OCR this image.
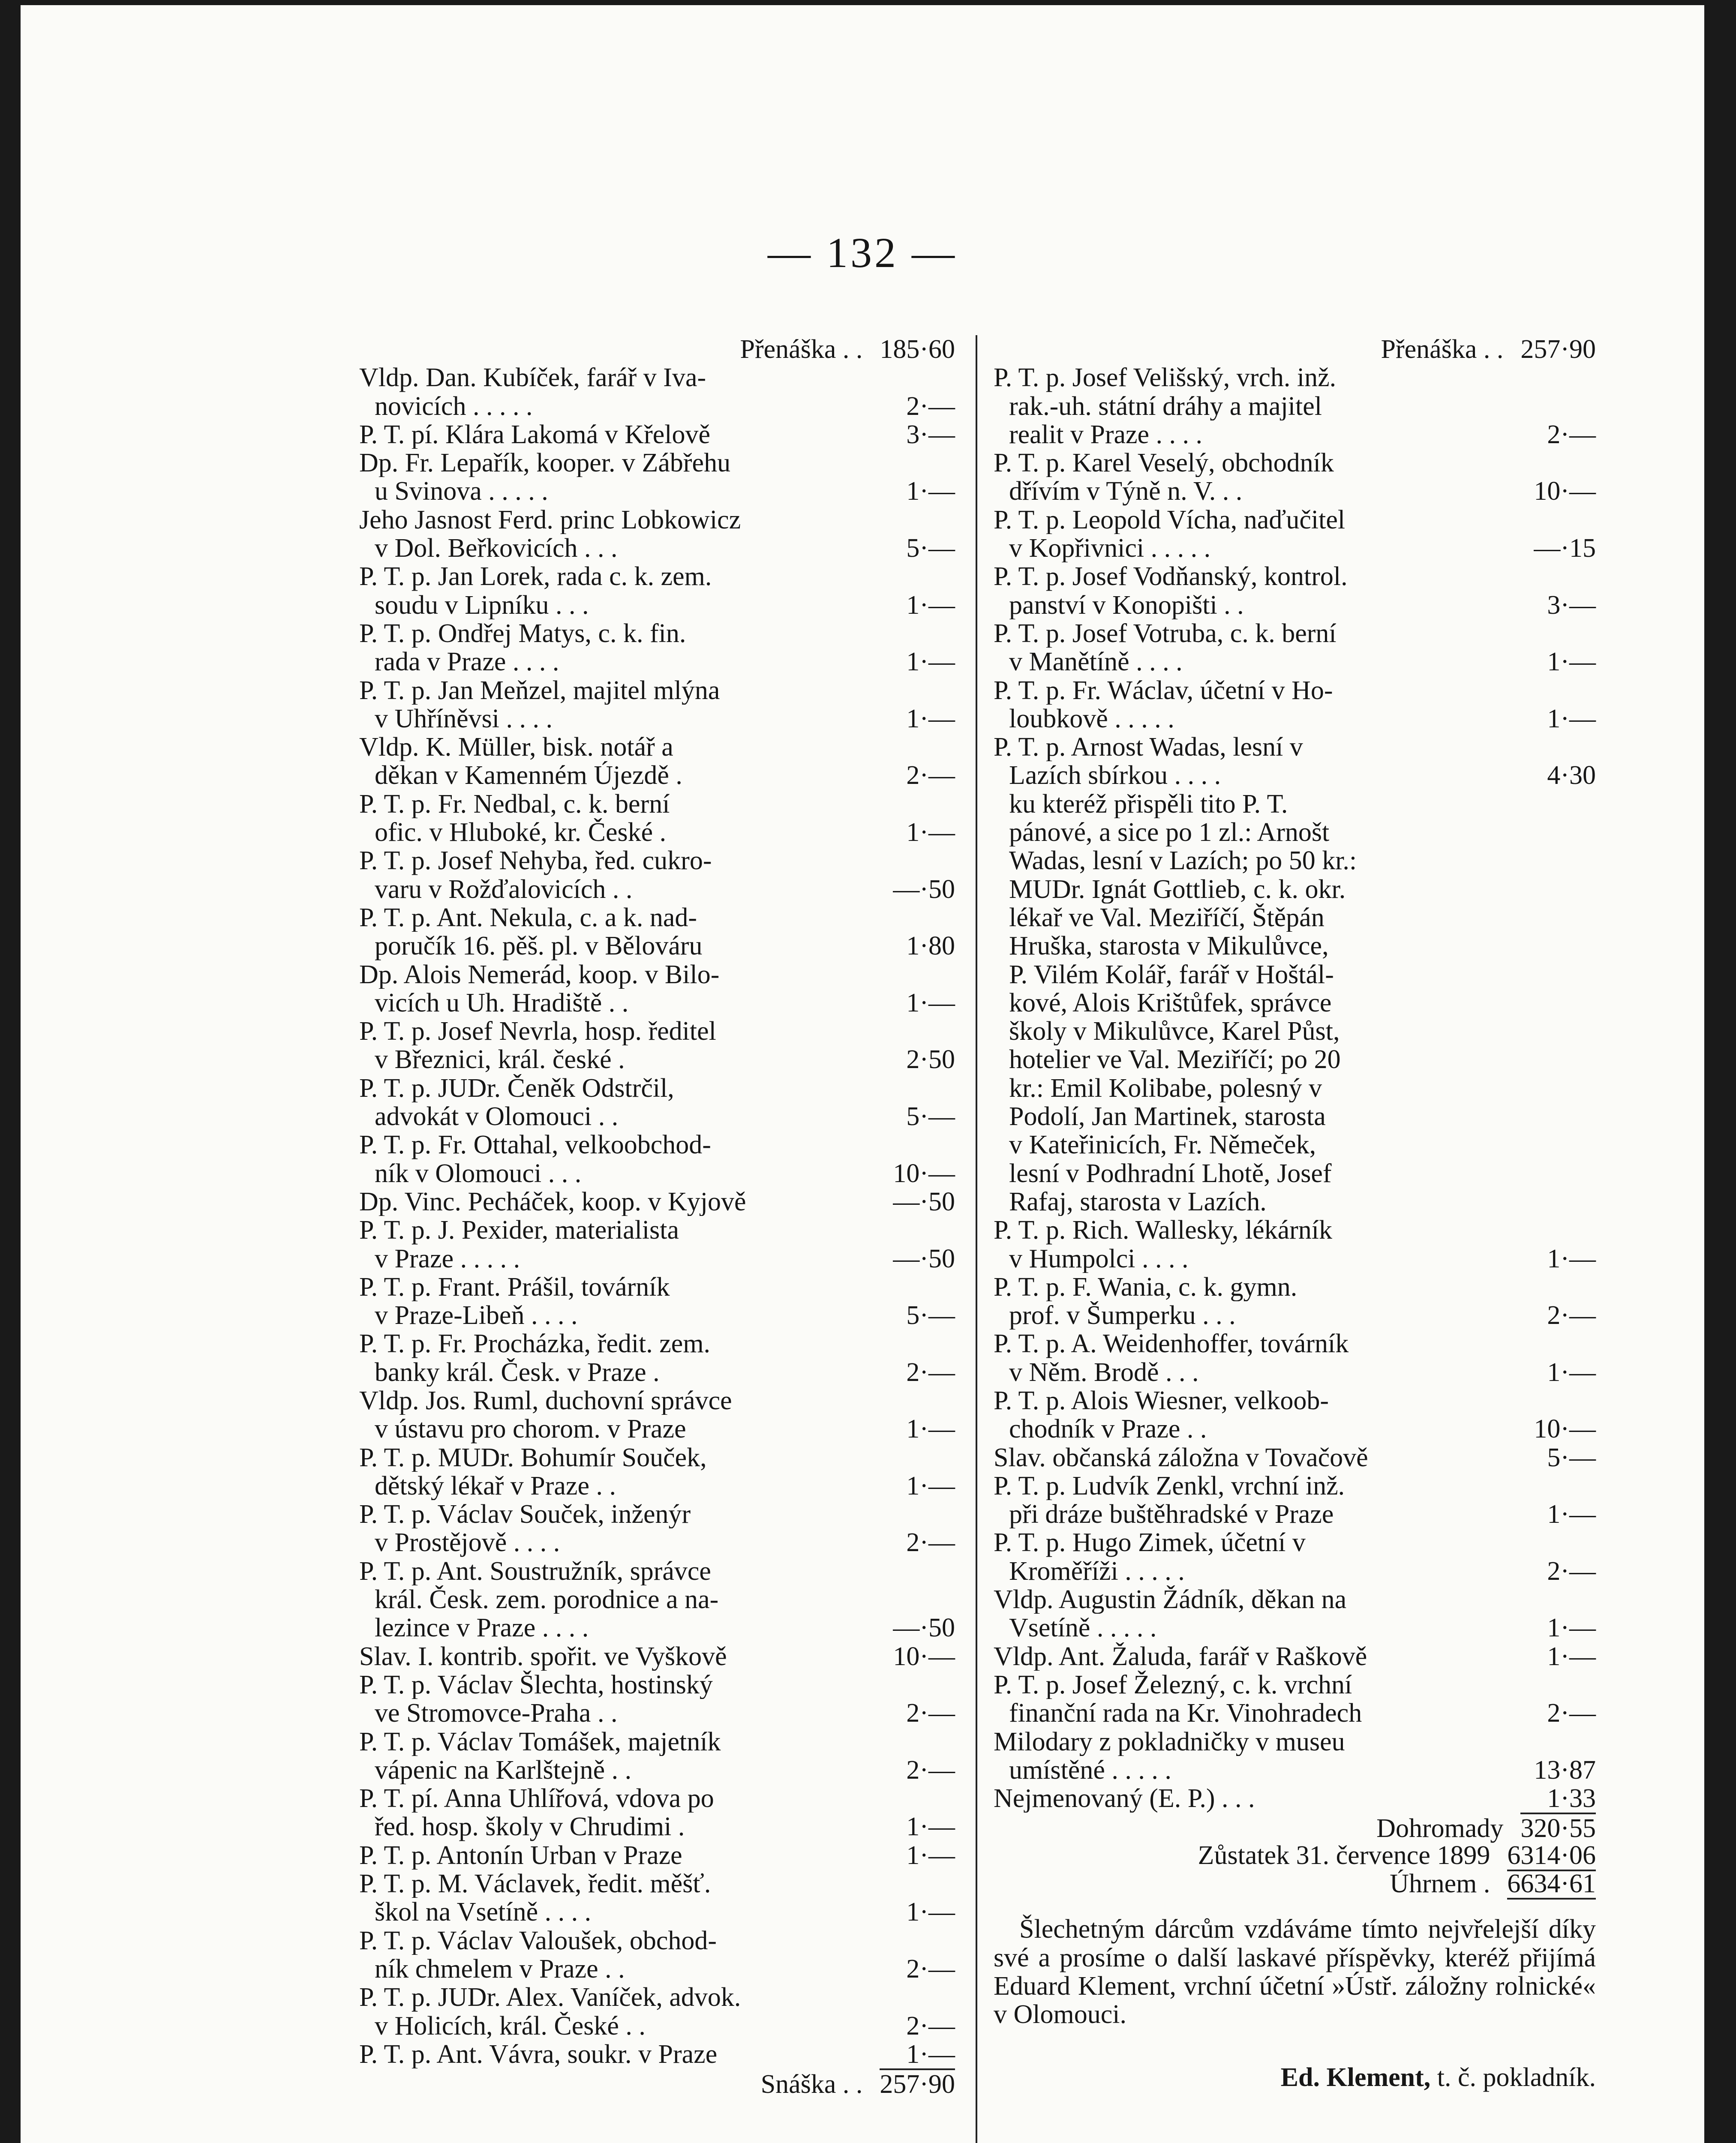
— 132 —
Přenáška . . 185·60
Vldp. Dan. Kubíček, farář v Iva-
novicích . . . . .	2·—
P. T. pí. Klára Lakomá v Křelově	3·—
Dp. Fr. Lepařík, kooper. v Zábřehu
u Svinova . . . . .	1·—
Jeho Jasnost Ferd. princ Lobkowicz
v Dol. Beřkovicích . . .	5·—
P. T. p. Jan Lorek, rada c. k. zem.
soudu v Lipníku . . .	1·—
P. T. p. Ondřej Matys, c. k. fin.
rada v Praze . . . .	1·—
P. T. p. Jan Meňzel, majitel mlýna
v Uhříněvsi . . . .	1·—
Vldp. K. Müller, bisk. notář a
děkan v Kamenném Újezdě .	2·—
P. T. p. Fr. Nedbal, c. k. berní
ofic. v Hluboké, kr. České .	1·—
P. T. p. Josef Nehyba, řed. cukro-
varu v Rožďalovicích . .	—·50
P. T. p. Ant. Nekula, c. a k. nad-
poručík 16. pěš. pl. v Bělováru	1·80
Dp. Alois Nemerád, koop. v Bilo-
vicích u Uh. Hradiště . .	1·—
P. T. p. Josef Nevrla, hosp. ředitel
v Březnici, král. české .	2·50
P. T. p. JUDr. Čeněk Odstrčil,
advokát v Olomouci . .	5·—
P. T. p. Fr. Ottahal, velkoobchod-
ník v Olomouci . . .	10·—
Dp. Vinc. Pecháček, koop. v Kyjově	—·50
P. T. p. J. Pexider, materialista
v Praze . . . . .	—·50
P. T. p. Frant. Prášil, továrník
v Praze-Libeň . . . .	5·—
P. T. p. Fr. Procházka, ředit. zem.
banky král. Česk. v Praze .	2·—
Vldp. Jos. Ruml, duchovní správce
v ústavu pro chorom. v Praze	1·—
P. T. p. MUDr. Bohumír Souček,
dětský lékař v Praze . .	1·—
P. T. p. Václav Souček, inženýr
v Prostějově . . . .	2·—
P. T. p. Ant. Soustružník, správce
král. Česk. zem. porodnice a na-
lezince v Praze . . . .	—·50
Slav. I. kontrib. spořit. ve Vyškově	10·—
P. T. p. Václav Šlechta, hostinský
ve Stromovce-Praha . .	2·—
P. T. p. Václav Tomášek, majetník
vápenic na Karlštejně . .	2·—
P. T. pí. Anna Uhlířová, vdova po
řed. hosp. školy v Chrudimi .	1·—
P. T. p. Antonín Urban v Praze	1·—
P. T. p. M. Václavek, ředit. měšť.
škol na Vsetíně . . . .	1·—
P. T. p. Václav Valoušek, obchod-
ník chmelem v Praze . .	2·—
P. T. p. JUDr. Alex. Vaníček, advok.
v Holicích, král. České . .	2·—
P. T. p. Ant. Vávra, soukr. v Praze	1·—
Snáška . . 257·90
Přenáška . . 257·90
P. T. p. Josef Velišský, vrch. inž.
rak.-uh. státní dráhy a majitel
realit v Praze . . . .	2·—
P. T. p. Karel Veselý, obchodník
dřívím v Týně n. V. . .	10·—
P. T. p. Leopold Vícha, naďučitel
v Kopřivnici . . . . .	—·15
P. T. p. Josef Vodňanský, kontrol.
panství v Konopišti . .	3·—
P. T. p. Josef Votruba, c. k. berní
v Manětíně . . . .	1·—
P. T. p. Fr. Wáclav, účetní v Ho-
loubkově . . . . .	1·—
P. T. p. Arnost Wadas, lesní v
Lazích sbírkou . . . .	4·30
ku kteréž přispěli tito P. T.
pánové, a sice po 1 zl.: Arnošt
Wadas, lesní v Lazích; po 50 kr.:
MUDr. Ignát Gottlieb, c. k. okr.
lékař ve Val. Meziříčí, Štěpán
Hruška, starosta v Mikulůvce,
P. Vilém Kolář, farář v Hoštál-
kové, Alois Krištůfek, správce
školy v Mikulůvce, Karel Půst,
hotelier ve Val. Meziříčí; po 20
kr.: Emil Kolibabe, polesný v
Podolí, Jan Martinek, starosta
v Kateřinicích, Fr. Němeček,
lesní v Podhradní Lhotě, Josef
Rafaj, starosta v Lazích.
P. T. p. Rich. Wallesky, lékárník
v Humpolci . . . .	1·—
P. T. p. F. Wania, c. k. gymn.
prof. v Šumperku . . .	2·—
P. T. p. A. Weidenhoffer, továrník
v Něm. Brodě . . .	1·—
P. T. p. Alois Wiesner, velkoob-
chodník v Praze . .	10·—
Slav. občanská záložna v Tovačově	5·—
P. T. p. Ludvík Zenkl, vrchní inž.
při dráze buštěhradské v Praze	1·—
P. T. p. Hugo Zimek, účetní v
Kroměříži . . . . .	2·—
Vldp. Augustin Žádník, děkan na
Vsetíně . . . . .	1·—
Vldp. Ant. Žaluda, farář v Raškově	1·—
P. T. p. Josef Železný, c. k. vrchní
finanční rada na Kr. Vinohradech	2·—
Milodary z pokladničky v museu
umístěné . . . . .	13·87
Nejmenovaný (E. P.) . . .	1·33
Dohromady 320·55
Zůstatek 31. července 1899 6314·06
Úhrnem . 6634·61
Šlechetným dárcům vzdáváme tímto nejvřelejší díky své a prosíme o další laskavé příspěvky, kteréž přijímá Eduard Klement, vrchní účetní »Ústř. záložny rolnické« v Olomouci.
Ed. Klement,
t. č. pokladník.
